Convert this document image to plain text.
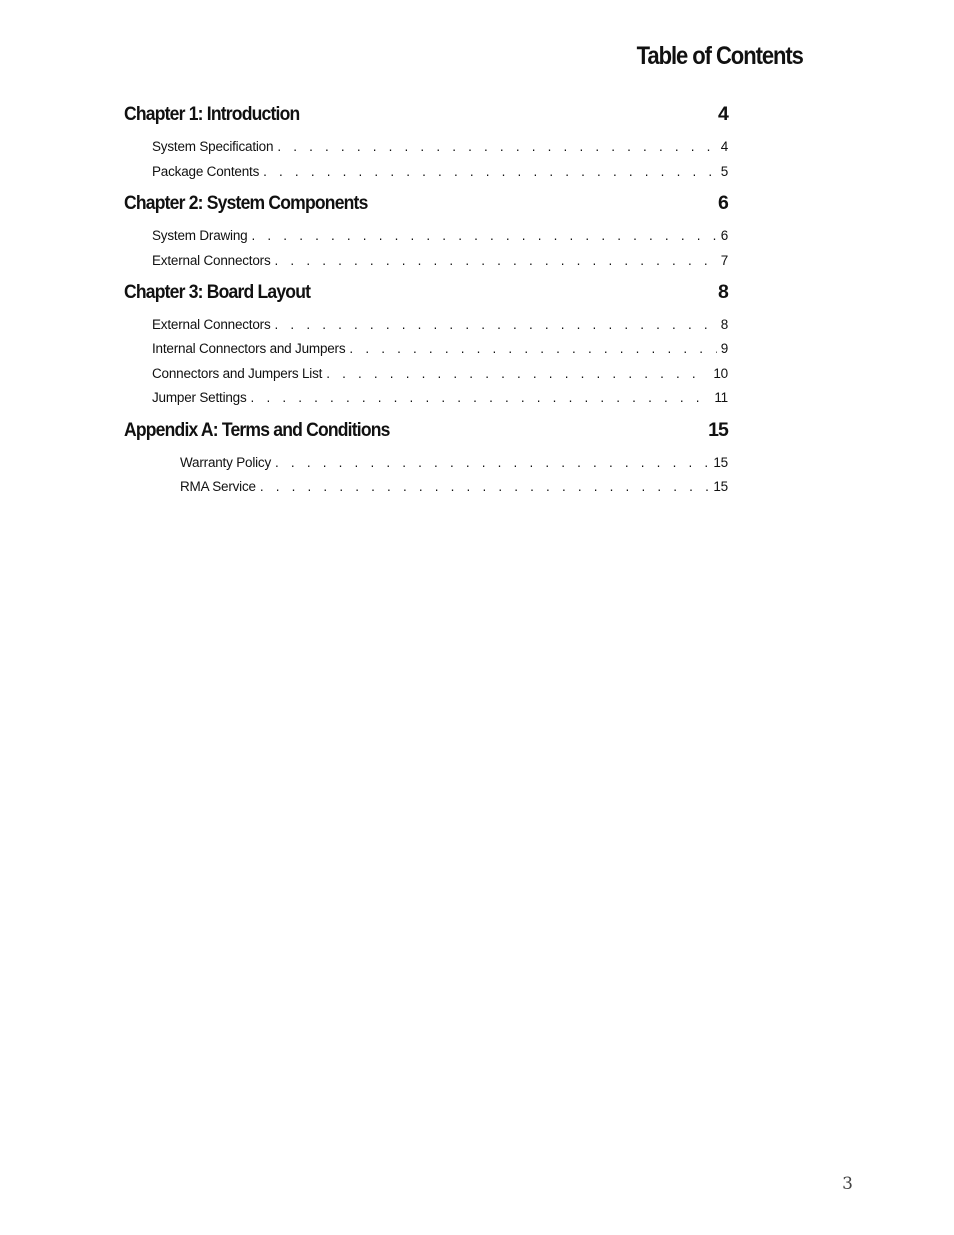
Table of Contents
Chapter 1: Introduction	4
System Specification . . .	4
Package Contents . . .	5
Chapter 2: System Components	6
System Drawing . . .	6
External Connectors . . .	7
Chapter 3: Board Layout	8
External Connectors . . .	8
Internal Connectors and Jumpers . . .	9
Connectors and Jumpers List . . .	10
Jumper Settings . . .	11
Appendix A: Terms and Conditions	15
Warranty Policy . . .	15
RMA Service . . .	15
3
